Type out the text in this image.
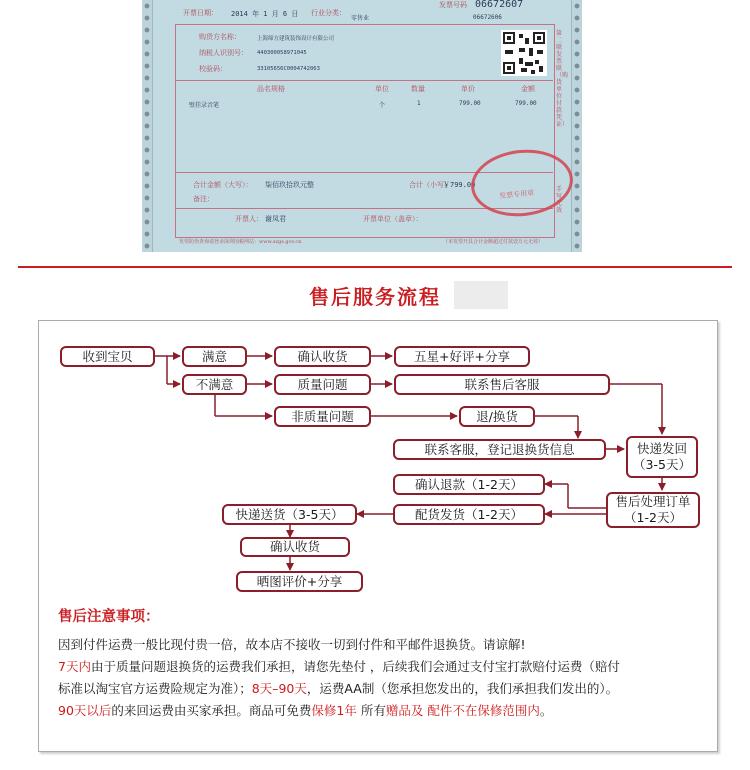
开票日期： 2014 年 1 月 6 日 行业分类：
零售业
发票号码 06672607
06672606
购货方名称：	上海缔方建筑装饰设计有限公司
纳税人识别号： 440300058971045
校验码：	33105656C0004742063
品名规格	单位	数量	单价	金额
壁挂录音笔	个	1	799.00	799.00
合计金额（大写）： 柒佰玖拾玖元整	合计（小写）
￥799.00
备注：
开票人： 谢凤君	开票单位（盖章）：
发票防伪查询请登录深圳国税网站：www.szgs.gov.cn	（本发票开具合计金额超过付款壹万元无效）
第二联 发票联（购货单位付款凭证）
手写无效
发票专用章
售后服务流程
收到宝贝	满意	确认收货	五星+好评+分享
不满意	质量问题	联系售后客服
非质量问题	退/换货
联系客服，登记退换货信息	快递发回
（3-5天）
确认退款（1-2天）
售后处理订单
（1-2天）
配货发货（1-2天）
快递送货（3-5天）
确认收货
晒图评价+分享
售后注意事项：
因到付件运费一般比现付贵一倍，故本店不接收一切到付件和平邮件退换货。请谅解!
7天内由于质量问题退换货的运费我们承担，请您先垫付 ，后续我们会通过支付宝打款赔付运费（赔付
标准以淘宝官方运费险规定为准）；8天–90天，运费AA制（您承担您发出的，我们承担我们发出的）。
90天以后的来回运费由买家承担。商品可免费保修1年 所有赠品及 配件不在保修范围内。
